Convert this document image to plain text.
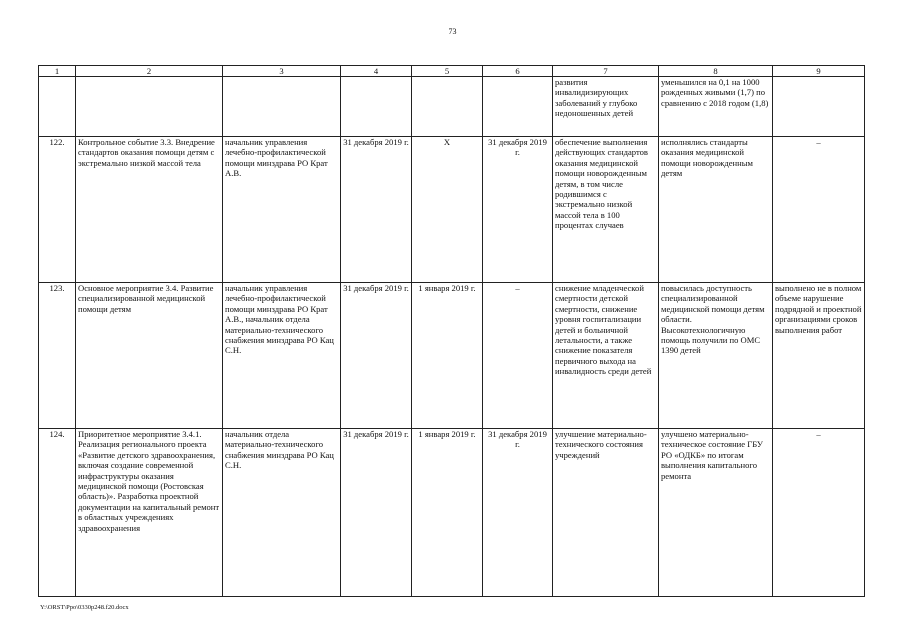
73
1	2	3	4	5	6	7	8	9
						развития инвалидизирующих заболеваний у глубоко недоношенных детей	уменьшился на 0,1 на 1000 рожденных живыми (1,7) по сравнению с 2018 годом (1,8)	
122.	Контрольное событие 3.3. Внедрение стандартов оказания помощи детям с экстремально низкой массой тела	начальник управления лечебно-профилактической помощи минздрава РО Крат А.В.	31 декабря 2019 г.	Х	31 декабря 2019 г.	обеспечение выполнения действующих стандартов оказания медицинской помощи новорожденным детям, в том числе родившимся с экстремально низкой массой тела в 100 процентах случаев	исполнялись стандарты оказания медицинской помощи новорожденным детям	–
123.	Основное мероприятие 3.4. Развитие специализированной медицинской помощи детям	начальник управления лечебно-профилактической помощи минздрава РО Крат А.В., начальник отдела материально-технического снабжения минздрава РО Кац С.Н.	31 декабря 2019 г.	1 января 2019 г.	–	снижение младенческой смертности детской смертности, снижение уровня госпитализации детей и больничной летальности, а также снижение показателя первичного выхода на инвалидность среди детей	повысилась доступность специализированной медицинской помощи детям области. Высокотехнологичную помощь получили по ОМС 1390 детей	выполнено не в полном объеме нарушение подрядной и проектной организациями сроков выполнения работ
124.	Приоритетное мероприятие 3.4.1. Реализация регионального проекта «Развитие детского здравоохранения, включая создание современной инфраструктуры оказания медицинской помощи (Ростовская область)». Разработка проектной документации на капитальный ремонт в областных учреждениях здравоохранения	начальник отдела материально-технического снабжения минздрава РО Кац С.Н.	31 декабря 2019 г.	1 января 2019 г.	31 декабря 2019 г.	улучшение материально-технического состояния учреждений	улучшено материально-техническое состояние ГБУ РО «ОДКБ» по итогам выполнения капитального ремонта	–
Y:\ORST\Ppo\0330p248.f20.docx
